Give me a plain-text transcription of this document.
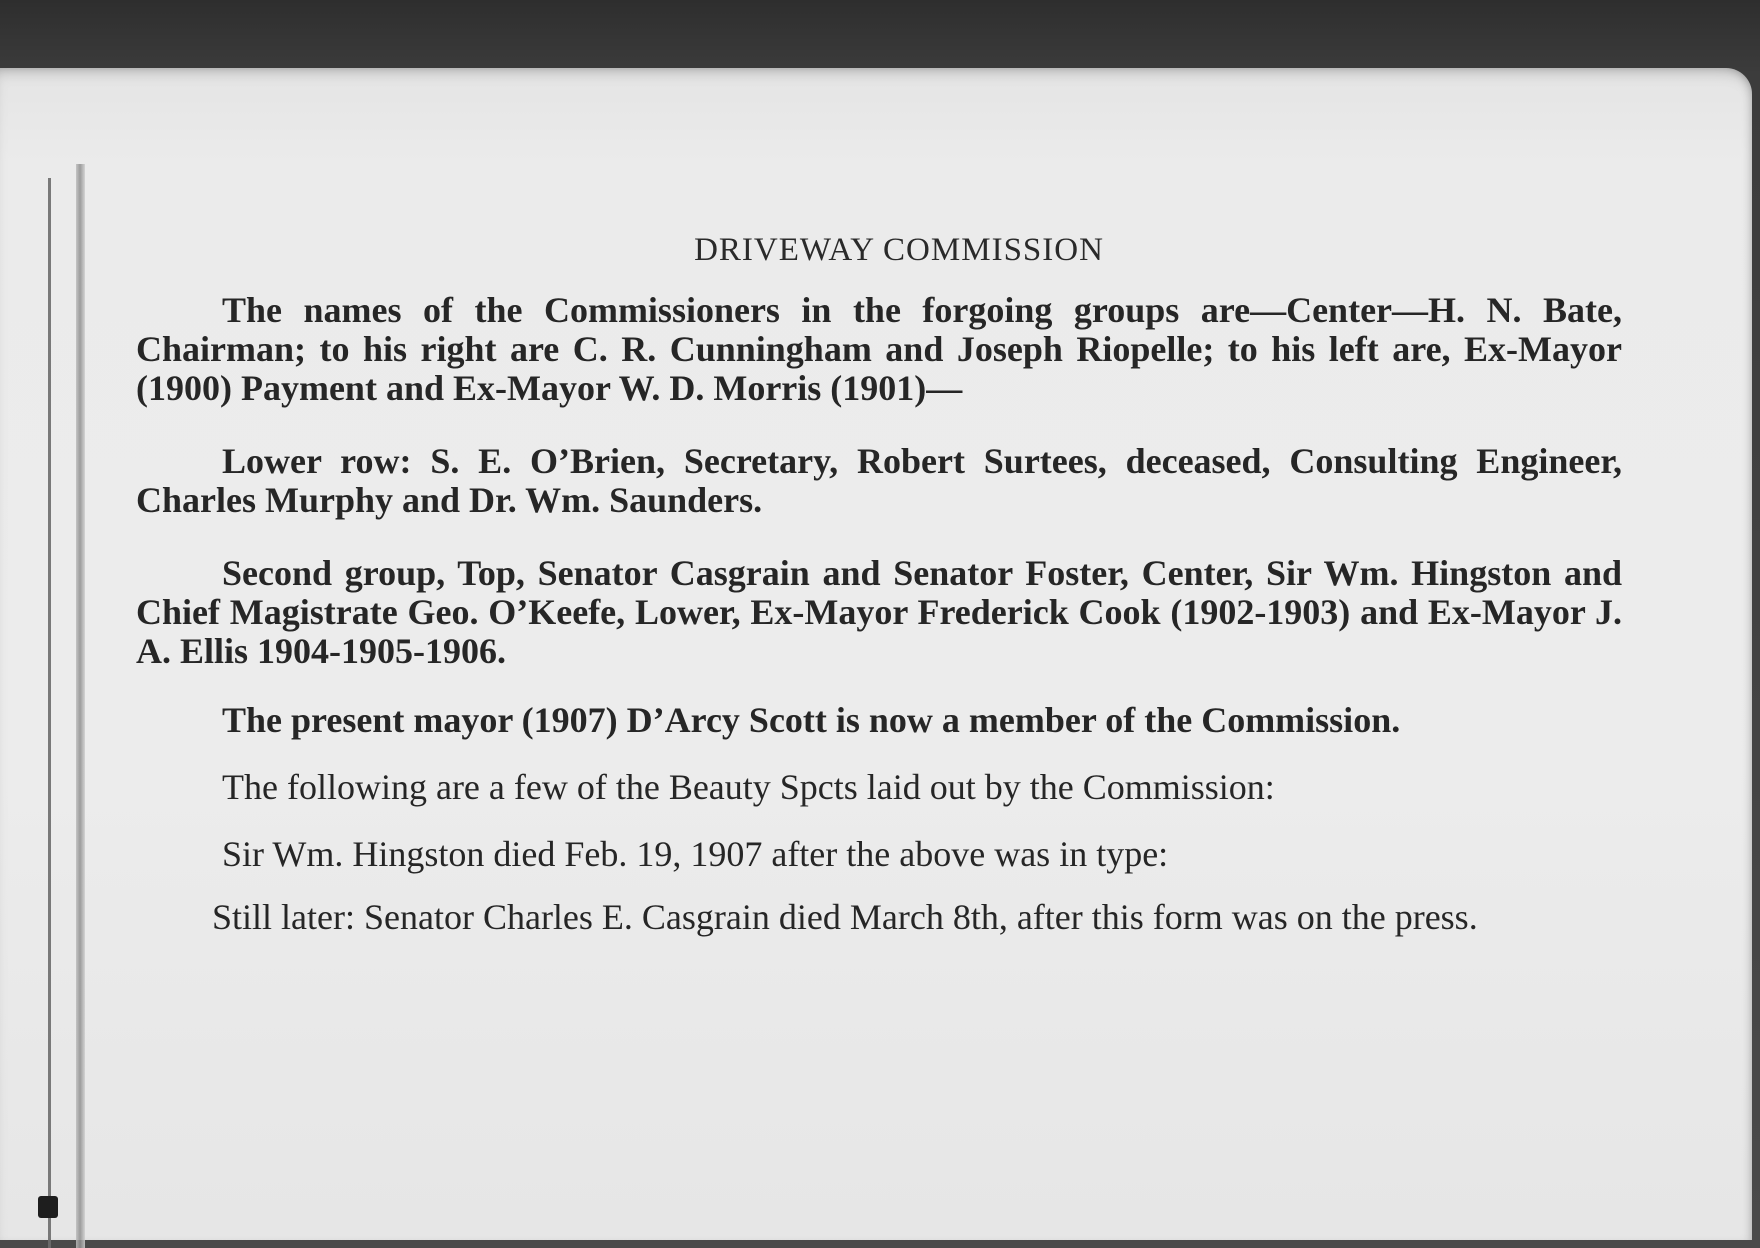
DRIVEWAY COMMISSION

The names of the Commissioners in the forgoing groups are—Center—H. N. Bate, Chairman; to his right are C. R. Cunningham and Joseph Riopelle; to his left are, Ex-Mayor (1900) Payment and Ex-Mayor W. D. Morris (1901)—

Lower row: S. E. O’Brien, Secretary, Robert Surtees, deceased, Consulting Engineer, Charles Murphy and Dr. Wm. Saunders.

Second group, Top, Senator Casgrain and Senator Foster, Center, Sir Wm. Hingston and Chief Magistrate Geo. O’Keefe, Lower, Ex-Mayor Frederick Cook (1902-1903) and Ex-Mayor J. A. Ellis 1904-1905-1906.

The present mayor (1907) D’Arcy Scott is now a member of the Commission.

The following are a few of the Beauty Spcts laid out by the Commission:

Sir Wm. Hingston died Feb. 19, 1907 after the above was in type:

Still later: Senator Charles E. Casgrain died March 8th, after this form was on the press.
